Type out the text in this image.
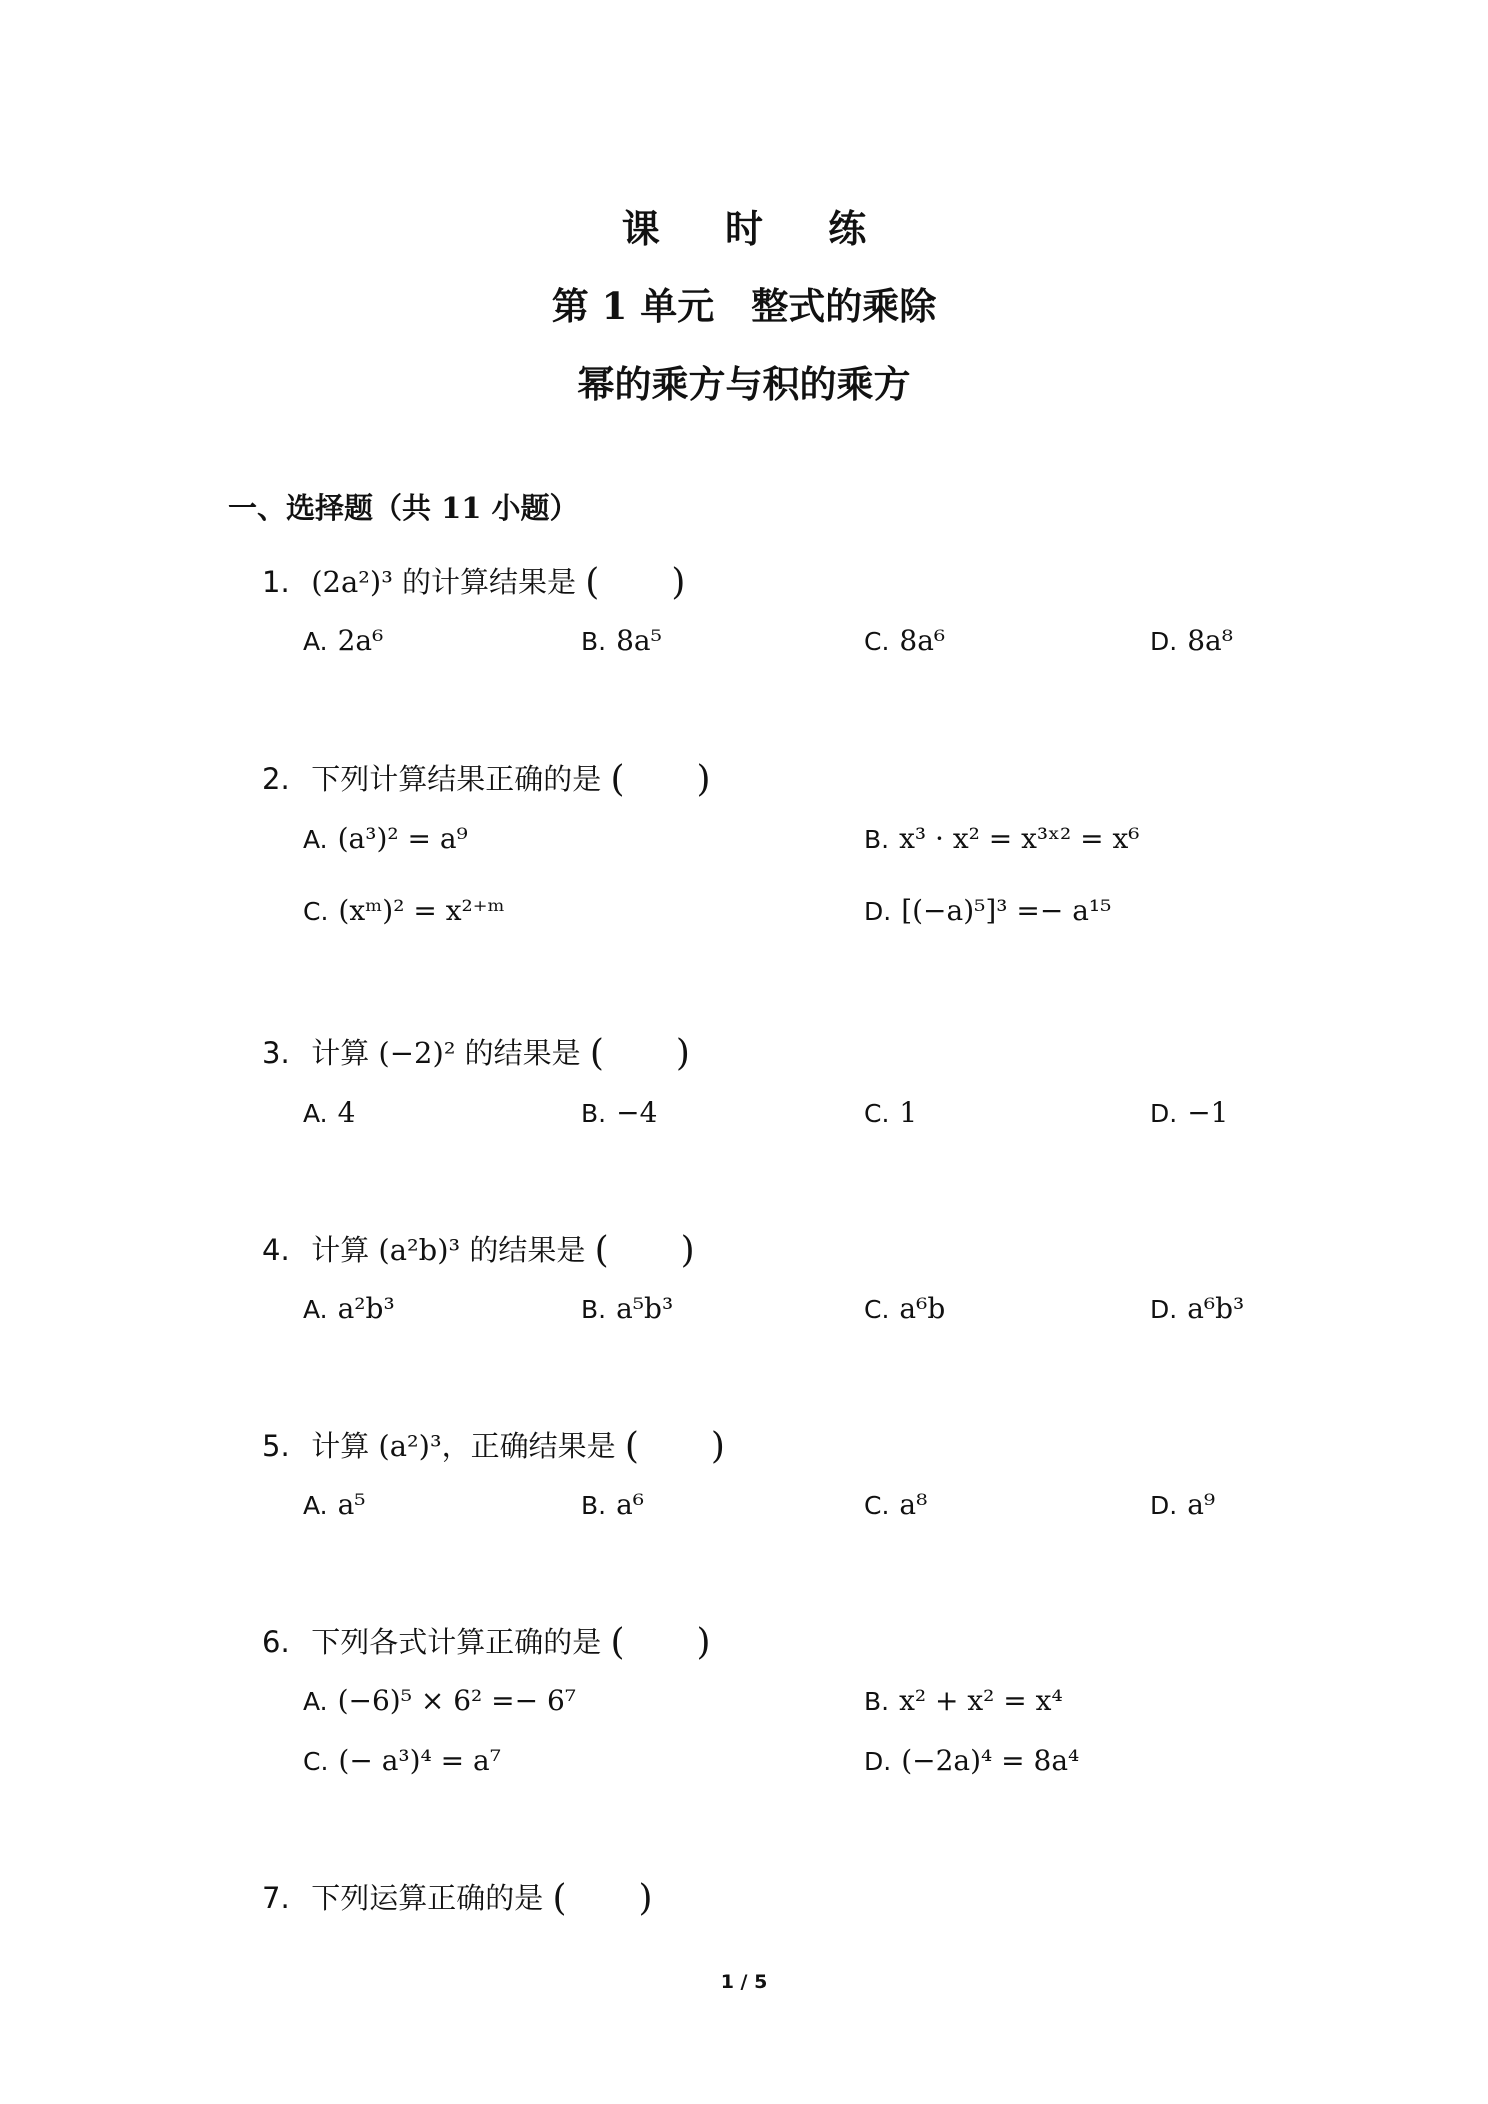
课 时 练
第 1 单元　整式的乘除
幂的乘方与积的乘方
一、选择题（共 11 小题）
1. (2a²)³ 的计算结果是 (　　)
A. 2a⁶	B. 8a⁵	C. 8a⁶	D. 8a⁸
2. 下列计算结果正确的是 (　　)
A. (a³)² = a⁹	B. x³ · x² = x³ˣ² = x⁶
C. (xᵐ)² = x²⁺ᵐ	D. [(−a)⁵]³ =− a¹⁵
3. 计算 (−2)² 的结果是 (　　)
A. 4	B. −4	C. 1	D. −1
4. 计算 (a²b)³ 的结果是 (　　)
A. a²b³	B. a⁵b³	C. a⁶b	D. a⁶b³
5. 计算 (a²)³，正确结果是 (　　)
A. a⁵	B. a⁶	C. a⁸	D. a⁹
6. 下列各式计算正确的是 (　　)
A. (−6)⁵ × 6² =− 6⁷	B. x² + x² = x⁴
C. (− a³)⁴ = a⁷	D. (−2a)⁴ = 8a⁴
7. 下列运算正确的是 (　　)
1 / 5
